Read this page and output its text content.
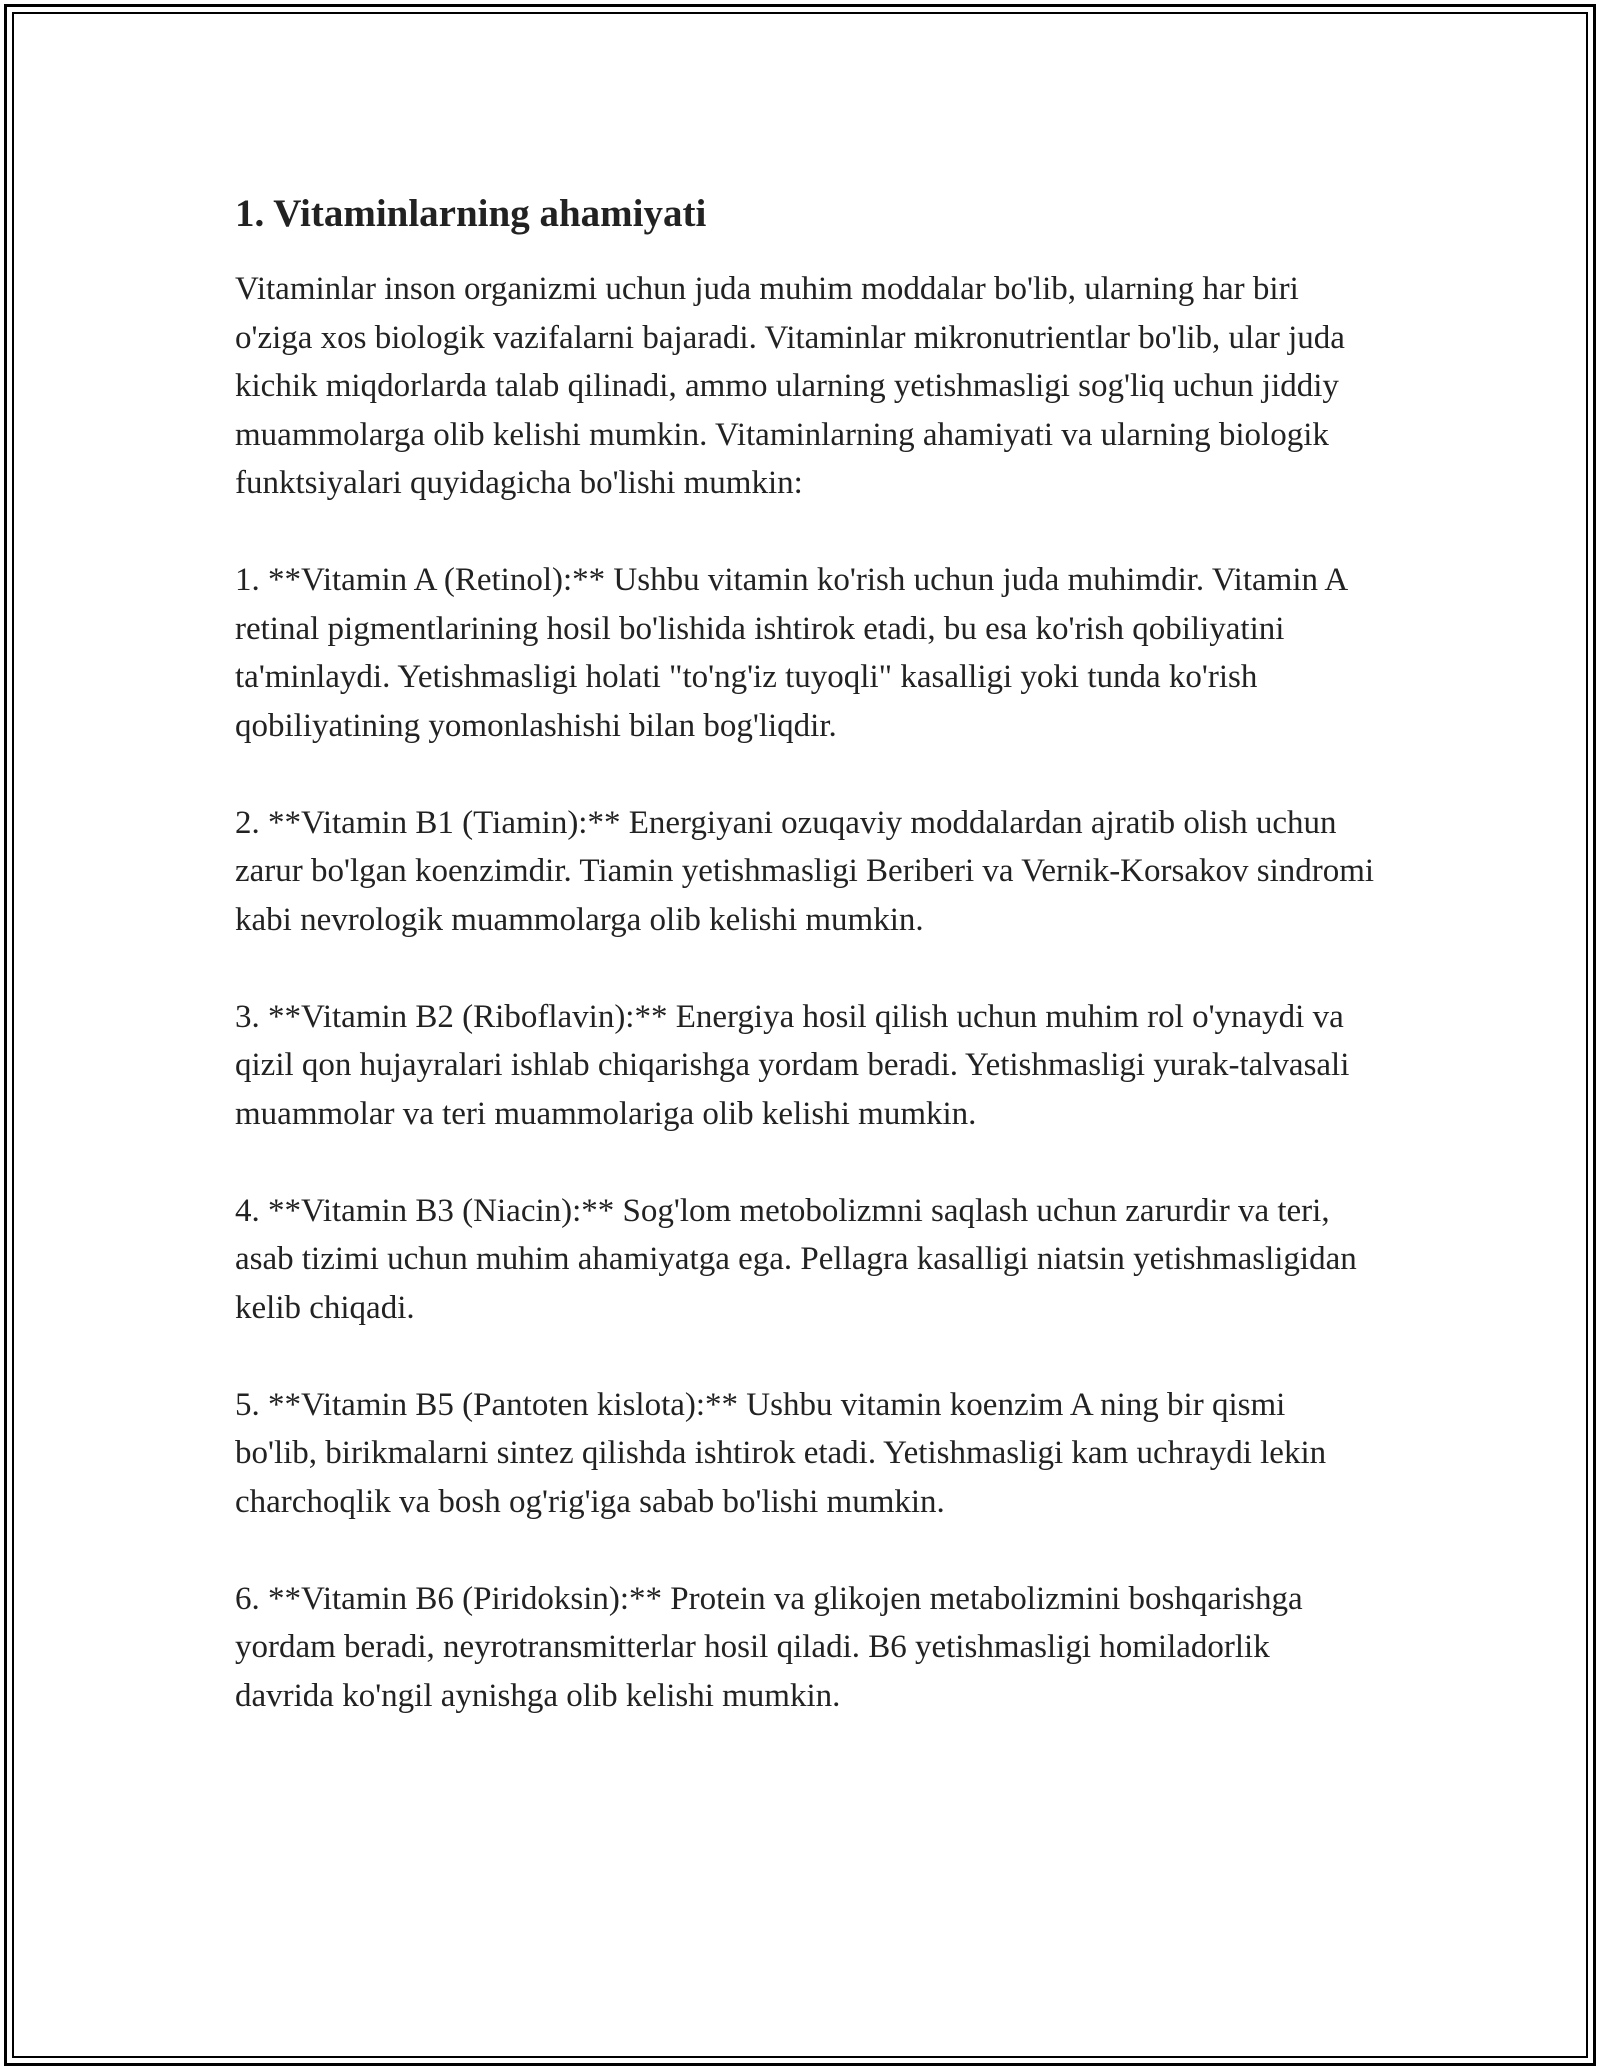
1. Vitaminlarning ahamiyati

Vitaminlar inson organizmi uchun juda muhim moddalar bo'lib, ularning har biri o'ziga xos biologik vazifalarni bajaradi. Vitaminlar mikronutrientlar bo'lib, ular juda kichik miqdorlarda talab qilinadi, ammo ularning yetishmasligi sog'liq uchun jiddiy muammolarga olib kelishi mumkin. Vitaminlarning ahamiyati va ularning biologik funktsiyalari quyidagicha bo'lishi mumkin:

1. **Vitamin A (Retinol):** Ushbu vitamin ko'rish uchun juda muhimdir. Vitamin A retinal pigmentlarining hosil bo'lishida ishtirok etadi, bu esa ko'rish qobiliyatini ta'minlaydi. Yetishmasligi holati "to'ng'iz tuyoqli" kasalligi yoki tunda ko'rish qobiliyatining yomonlashishi bilan bog'liqdir.

2. **Vitamin B1 (Tiamin):** Energiyani ozuqaviy moddalardan ajratib olish uchun zarur bo'lgan koenzimdir. Tiamin yetishmasligi Beriberi va Vernik-Korsakov sindromi kabi nevrologik muammolarga olib kelishi mumkin.

3. **Vitamin B2 (Riboflavin):** Energiya hosil qilish uchun muhim rol o'ynaydi va qizil qon hujayralari ishlab chiqarishga yordam beradi. Yetishmasligi yurak-talvasali muammolar va teri muammolariga olib kelishi mumkin.

4. **Vitamin B3 (Niacin):** Sog'lom metobolizmni saqlash uchun zarurdir va teri, asab tizimi uchun muhim ahamiyatga ega. Pellagra kasalligi niatsin yetishmasligidan kelib chiqadi.

5. **Vitamin B5 (Pantoten kislota):** Ushbu vitamin koenzim A ning bir qismi bo'lib, birikmalarni sintez qilishda ishtirok etadi. Yetishmasligi kam uchraydi lekin charchoqlik va bosh og'rig'iga sabab bo'lishi mumkin.

6. **Vitamin B6 (Piridoksin):** Protein va glikojen metabolizmini boshqarishga yordam beradi, neyrotransmitterlar hosil qiladi. B6 yetishmasligi homiladorlik davrida ko'ngil aynishga olib kelishi mumkin.
